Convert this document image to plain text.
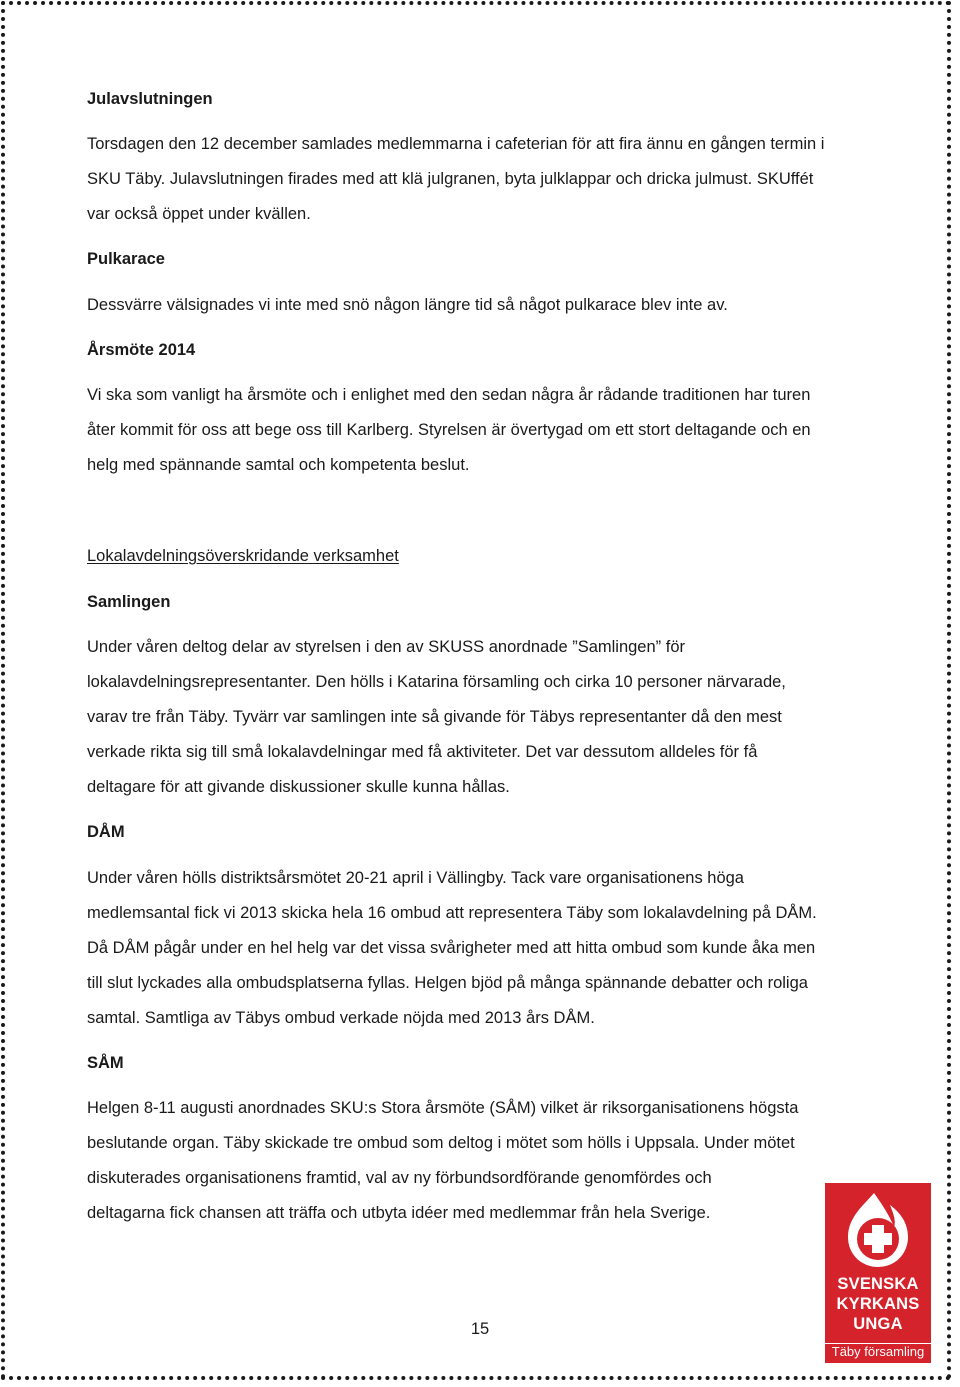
Julavslutningen

Torsdagen den 12 december samlades medlemmarna i cafeterian för att fira ännu en gången termin i

SKU Täby. Julavslutningen firades med att klä julgranen, byta julklappar och dricka julmust. SKUffét

var också öppet under kvällen.

Pulkarace

Dessvärre välsignades vi inte med snö någon längre tid så något pulkarace blev inte av.

Årsmöte 2014

Vi ska som vanligt ha årsmöte och i enlighet med den sedan några år rådande traditionen har turen

åter kommit för oss att bege oss till Karlberg. Styrelsen är övertygad om ett stort deltagande och en

helg med spännande samtal och kompetenta beslut.

Lokalavdelningsöverskridande verksamhet

Samlingen

Under våren deltog delar av styrelsen i den av SKUSS anordnade ”Samlingen” för

lokalavdelningsrepresentanter. Den hölls i Katarina församling och cirka 10 personer närvarade,

varav tre från Täby. Tyvärr var samlingen inte så givande för Täbys representanter då den mest

verkade rikta sig till små lokalavdelningar med få aktiviteter. Det var dessutom alldeles för få

deltagare för att givande diskussioner skulle kunna hållas.

DÅM

Under våren hölls distriktsårsmötet 20-21 april i Vällingby. Tack vare organisationens höga

medlemsantal fick vi 2013 skicka hela 16 ombud att representera Täby som lokalavdelning på DÅM.

Då DÅM pågår under en hel helg var det vissa svårigheter med att hitta ombud som kunde åka men

till slut lyckades alla ombudsplatserna fyllas. Helgen bjöd på många spännande debatter och roliga

samtal. Samtliga av Täbys ombud verkade nöjda med 2013 års DÅM.

SÅM

Helgen 8-11 augusti anordnades SKU:s Stora årsmöte (SÅM) vilket är riksorganisationens högsta

beslutande organ. Täby skickade tre ombud som deltog i mötet som hölls i Uppsala. Under mötet

diskuterades organisationens framtid, val av ny förbundsordförande genomfördes och

deltagarna fick chansen att träffa och utbyta idéer med medlemmar från hela Sverige.

15

SVENSKA

KYRKANS

UNGA

Täby församling
